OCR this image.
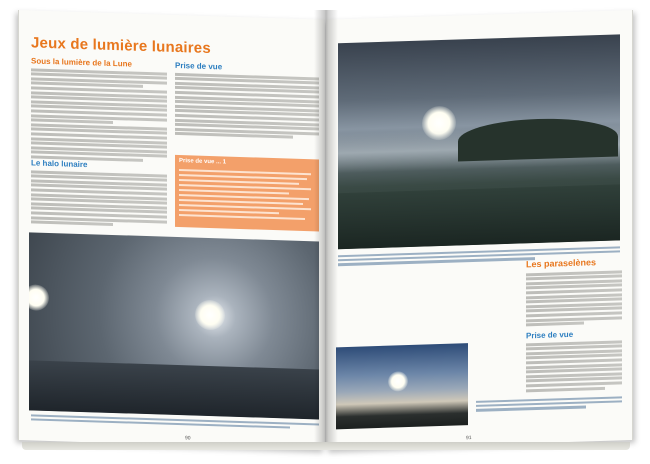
Jeux de lumière lunaires
Sous la lumière de la Lune	Prise de vue
Prise de vue ... 1
Le halo lunaire
90
Les paraselènes
Prise de vue
91
